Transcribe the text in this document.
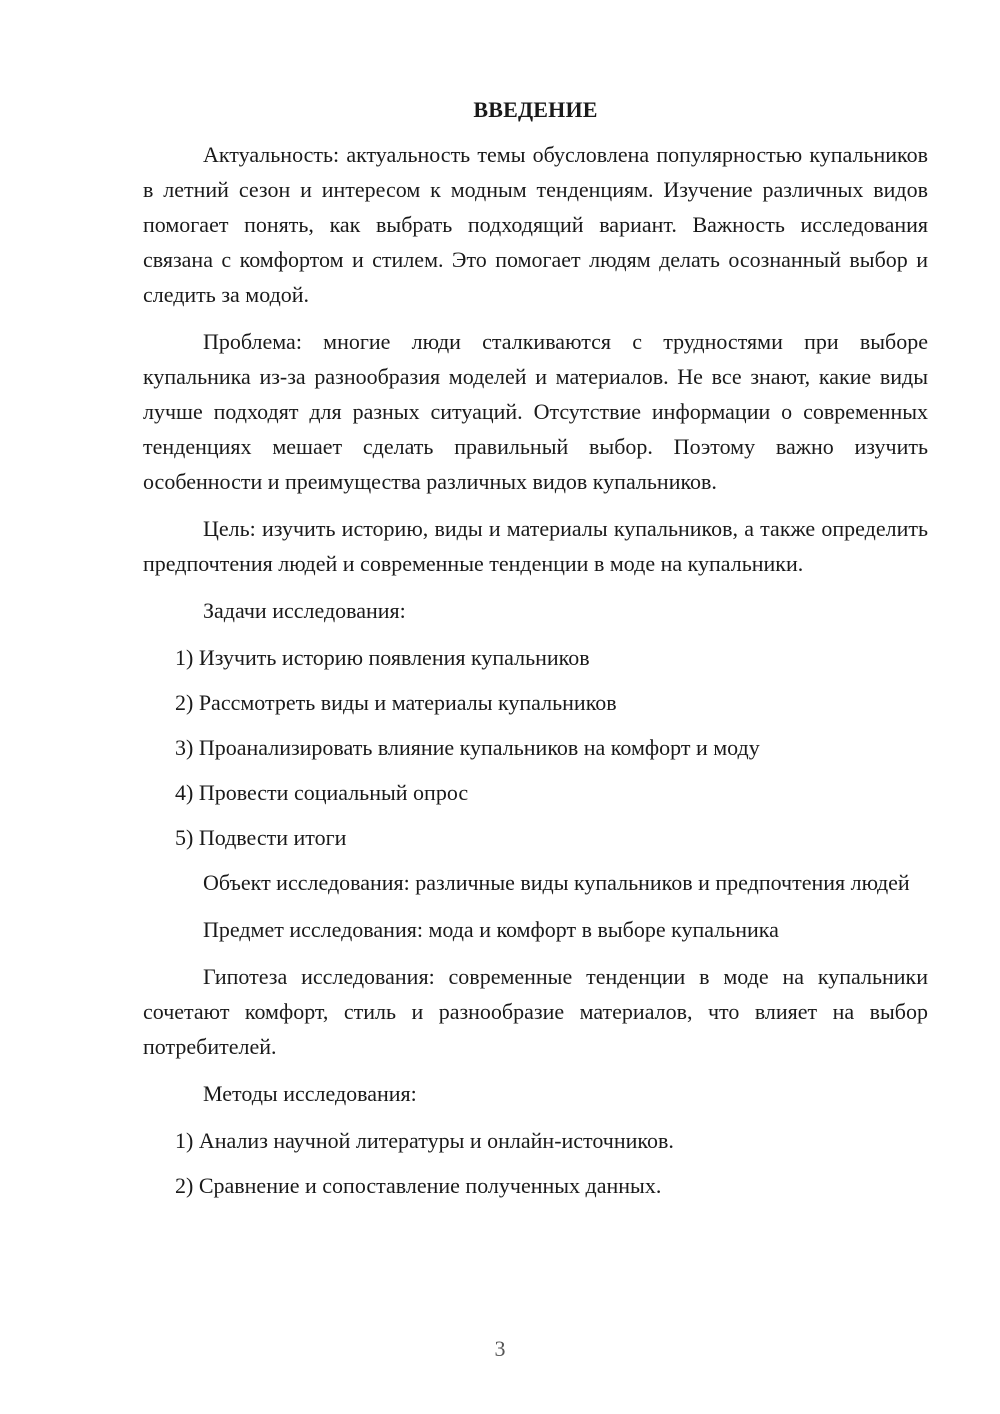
ВВЕДЕНИЕ

Актуальность: актуальность темы обусловлена популярностью купальников в летний сезон и интересом к модным тенденциям. Изучение различных видов помогает понять, как выбрать подходящий вариант. Важность исследования связана с комфортом и стилем. Это помогает людям делать осознанный выбор и следить за модой.

Проблема: многие люди сталкиваются с трудностями при выборе купальника из-за разнообразия моделей и материалов. Не все знают, какие виды лучше подходят для разных ситуаций. Отсутствие информации о современных тенденциях мешает сделать правильный выбор. Поэтому важно изучить особенности и преимущества различных видов купальников.

Цель: изучить историю, виды и материалы купальников, а также определить предпочтения людей и современные тенденции в моде на купальники.

Задачи исследования:

1) Изучить историю появления купальников
2) Рассмотреть виды и материалы купальников
3) Проанализировать влияние купальников на комфорт и моду
4) Провести социальный опрос
5) Подвести итоги

Объект исследования: различные виды купальников и предпочтения людей

Предмет исследования: мода и комфорт в выборе купальника

Гипотеза исследования: современные тенденции в моде на купальники сочетают комфорт, стиль и разнообразие материалов, что влияет на выбор потребителей.

Методы исследования:

1) Анализ научной литературы и онлайн-источников.
2) Сравнение и сопоставление полученных данных.
3
